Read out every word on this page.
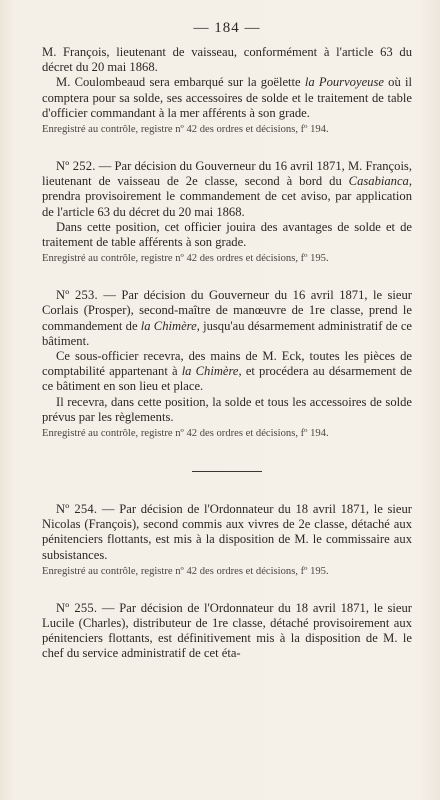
— 184 —

M. François, lieutenant de vaisseau, conformément à l'article 63 du décret du 20 mai 1868.

M. Coulombeaud sera embarqué sur la goëlette la Pourvoyeuse où il comptera pour sa solde, ses accessoires de solde et le traitement de table d'officier commandant à la mer afférents à son grade.

Enregistré au contrôle, registre nº 42 des ordres et décisions, fº 194.

Nº 252. — Par décision du Gouverneur du 16 avril 1871, M. François, lieutenant de vaisseau de 2e classe, second à bord du Casabianca, prendra provisoirement le commandement de cet aviso, par application de l'article 63 du décret du 20 mai 1868.

Dans cette position, cet officier jouira des avantages de solde et de traitement de table afférents à son grade.

Enregistré au contrôle, registre nº 42 des ordres et décisions, fº 195.

Nº 253. — Par décision du Gouverneur du 16 avril 1871, le sieur Corlais (Prosper), second-maître de manœuvre de 1re classe, prend le commandement de la Chimère, jusqu'au désarmement administratif de ce bâtiment.

Ce sous-officier recevra, des mains de M. Eck, toutes les pièces de comptabilité appartenant à la Chimère, et procédera au désarmement de ce bâtiment en son lieu et place.

Il recevra, dans cette position, la solde et tous les accessoires de solde prévus par les règlements.

Enregistré au contrôle, registre nº 42 des ordres et décisions, fº 194.

Nº 254. — Par décision de l'Ordonnateur du 18 avril 1871, le sieur Nicolas (François), second commis aux vivres de 2e classe, détaché aux pénitenciers flottants, est mis à la disposition de M. le commissaire aux subsistances.

Enregistré au contrôle, registre nº 42 des ordres et décisions, fº 195.

Nº 255. — Par décision de l'Ordonnateur du 18 avril 1871, le sieur Lucile (Charles), distributeur de 1re classe, détaché provisoirement aux pénitenciers flottants, est définitivement mis à la disposition de M. le chef du service administratif de cet éta-
